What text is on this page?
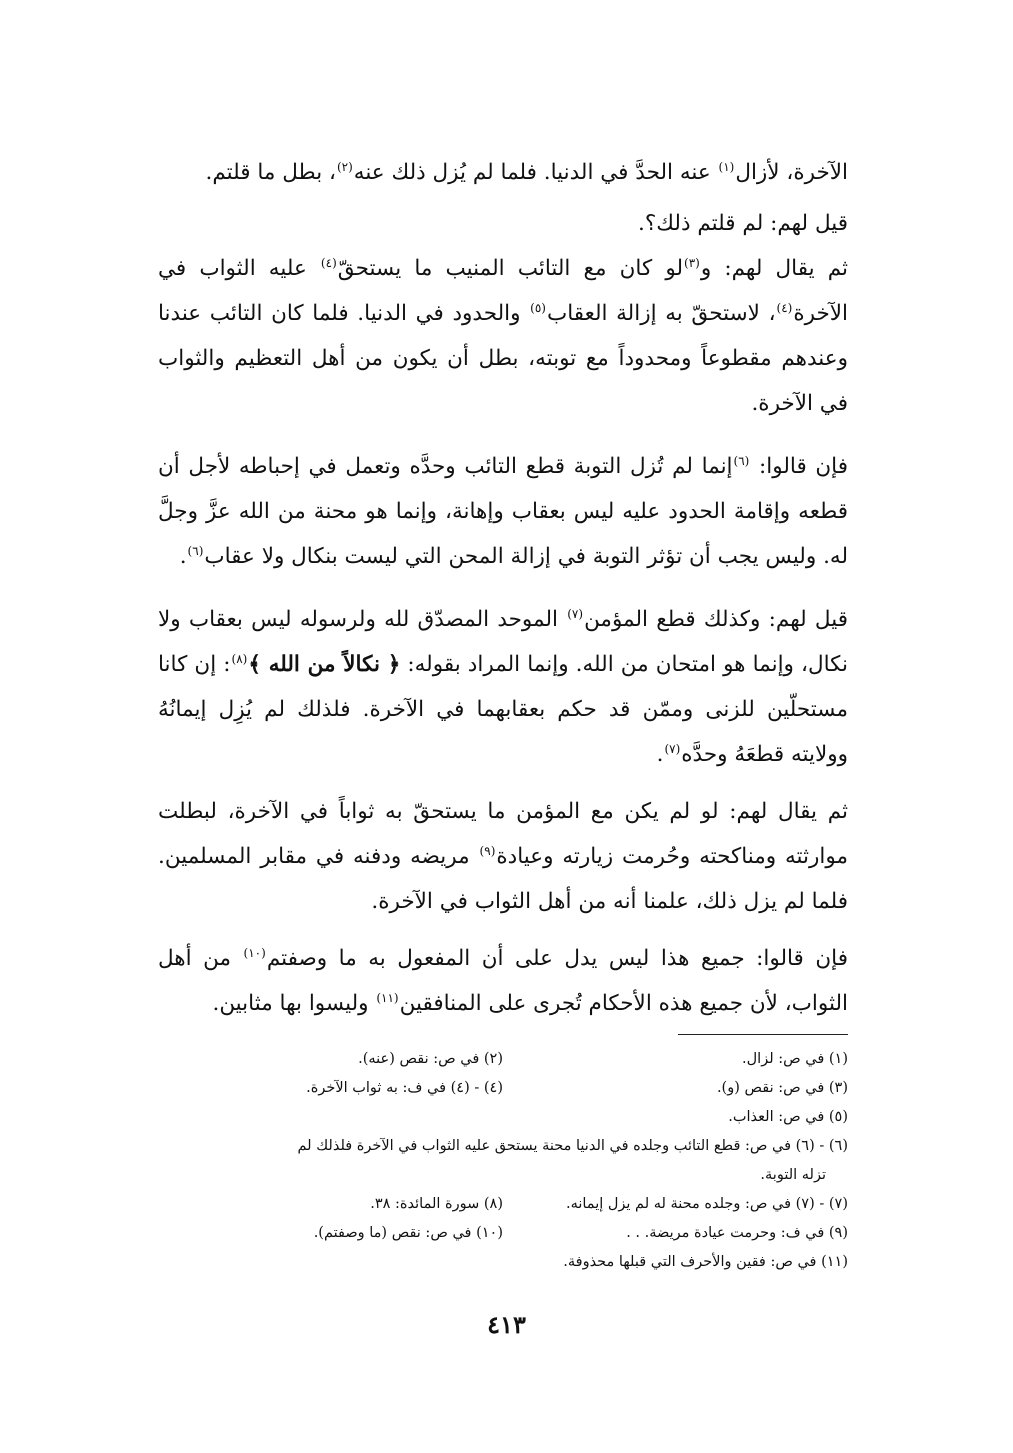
الآخرة، لأزال$^{(١)}$ عنه الحدَّ في الدنيا. فلما لم يُزل ذلك عنه$^{(٢)}$، بطل ما قلتم.

قيل لهم: لم قلتم ذلك؟.

ثم يقال لهم: و$^{(٣)}$لو كان مع التائب المنيب ما يستحقّ$^{(٤)}$ عليه الثواب في الآخرة$^{(٤)}$، لاستحقّ به إزالة العقاب$^{(٥)}$ والحدود في الدنيا. فلما كان التائب عندنا وعندهم مقطوعاً ومحدوداً مع توبته، بطل أن يكون من أهل التعظيم والثواب في الآخرة.

فإن قالوا: $^{(٦)}$إنما لم تُزل التوبة قطع التائب وحدَّه وتعمل في إحباطه لأجل أن قطعه وإقامة الحدود عليه ليس بعقاب وإهانة، وإنما هو محنة من الله عزَّ وجلَّ له. وليس يجب أن تؤثر التوبة في إزالة المحن التي ليست بنكال ولا عقاب$^{(٦)}$.

قيل لهم: وكذلك قطع المؤمن$^{(٧)}$ الموحد المصدّق لله ولرسوله ليس بعقاب ولا نكال، وإنما هو امتحان من الله. وإنما المراد بقوله: ﴿ نكالاً من الله ﴾$^{(٨)}$: إن كانا مستحلّين للزنى وممّن قد حكم بعقابهما في الآخرة. فلذلك لم يُزِل إيمانُهُ وولايته قطعَهُ وحدَّه$^{(٧)}$.

ثم يقال لهم: لو لم يكن مع المؤمن ما يستحقّ به ثواباً في الآخرة، لبطلت موارثته ومناكحته وحُرمت زيارته وعيادة$^{(٩)}$ مريضه ودفنه في مقابر المسلمين. فلما لم يزل ذلك، علمنا أنه من أهل الثواب في الآخرة.

فإن قالوا: جميع هذا ليس يدل على أن المفعول به ما وصفتم$^{(١٠)}$ من أهل الثواب، لأن جميع هذه الأحكام تُجرى على المنافقين$^{(١١)}$ وليسوا بها مثابين.

(١) في ص: لزال.
(٢) في ص: نقص (عنه).
(٣) في ص: نقص (و).
(٤) - (٤) في ف: به ثواب الآخرة.
(٥) في ص: العذاب.
(٦) - (٦) في ص: قطع التائب وجلده في الدنيا محنة يستحق عليه الثواب في الآخرة فلذلك لم
تزله التوبة.
(٧) - (٧) في ص: وجلده محنة له لم يزل إيمانه.
(٨) سورة المائدة: ٣٨.
(٩) في ف: وحرمت عيادة مريضة. . .
(١٠) في ص: نقص (ما وصفتم).
(١١) في ص: فقين والأحرف التي قبلها محذوفة.
٤١٣
